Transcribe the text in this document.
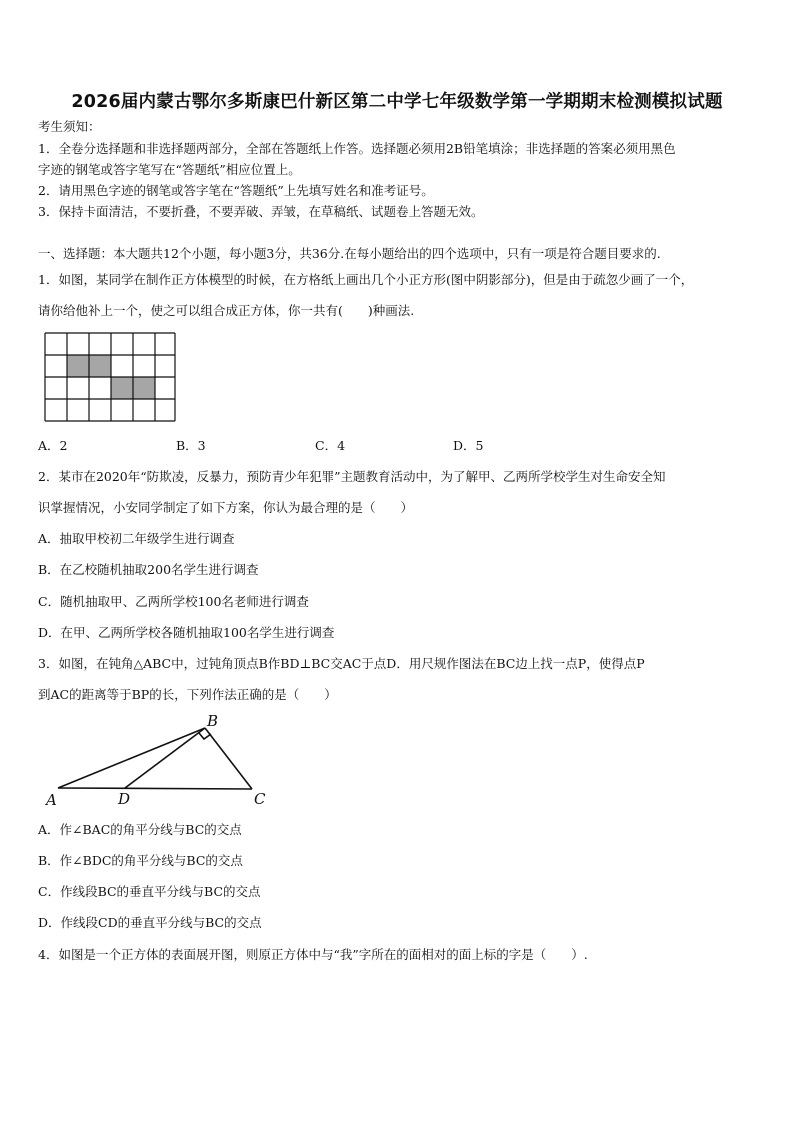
2026届内蒙古鄂尔多斯康巴什新区第二中学七年级数学第一学期期末检测模拟试题
考生须知：
1．全卷分选择题和非选择题两部分，全部在答题纸上作答。选择题必须用2B铅笔填涂；非选择题的答案必须用黑色
字迹的钢笔或答字笔写在“答题纸”相应位置上。
2．请用黑色字迹的钢笔或答字笔在“答题纸”上先填写姓名和准考证号。
3．保持卡面清洁，不要折叠，不要弄破、弄皱，在草稿纸、试题卷上答题无效。
一、选择题：本大题共12个小题，每小题3分，共36分.在每小题给出的四个选项中，只有一项是符合题目要求的.
1．如图，某同学在制作正方体模型的时候，在方格纸上画出几个小正方形(图中阴影部分)，但是由于疏忽少画了一个，
请你给他补上一个，使之可以组合成正方体，你一共有(　　)种画法.
A．2	B．3	C．4	D．5
2．某市在2020年“防欺凌，反暴力，预防青少年犯罪”主题教育活动中，为了解甲、乙两所学校学生对生命安全知
识掌握情况，小安同学制定了如下方案，你认为最合理的是（　　）
A．抽取甲校初二年级学生进行调查
B．在乙校随机抽取200名学生进行调查
C．随机抽取甲、乙两所学校100名老师进行调查
D．在甲、乙两所学校各随机抽取100名学生进行调查
3．如图，在钝角△ABC中，过钝角顶点B作BD⊥BC交AC于点D．用尺规作图法在BC边上找一点P，使得点P
到AC的距离等于BP的长，下列作法正确的是（　　）
A	D	C
B
A．作∠BAC的角平分线与BC的交点
B．作∠BDC的角平分线与BC的交点
C．作线段BC的垂直平分线与BC的交点
D．作线段CD的垂直平分线与BC的交点
4．如图是一个正方体的表面展开图，则原正方体中与“我”字所在的面相对的面上标的字是（　　）.
